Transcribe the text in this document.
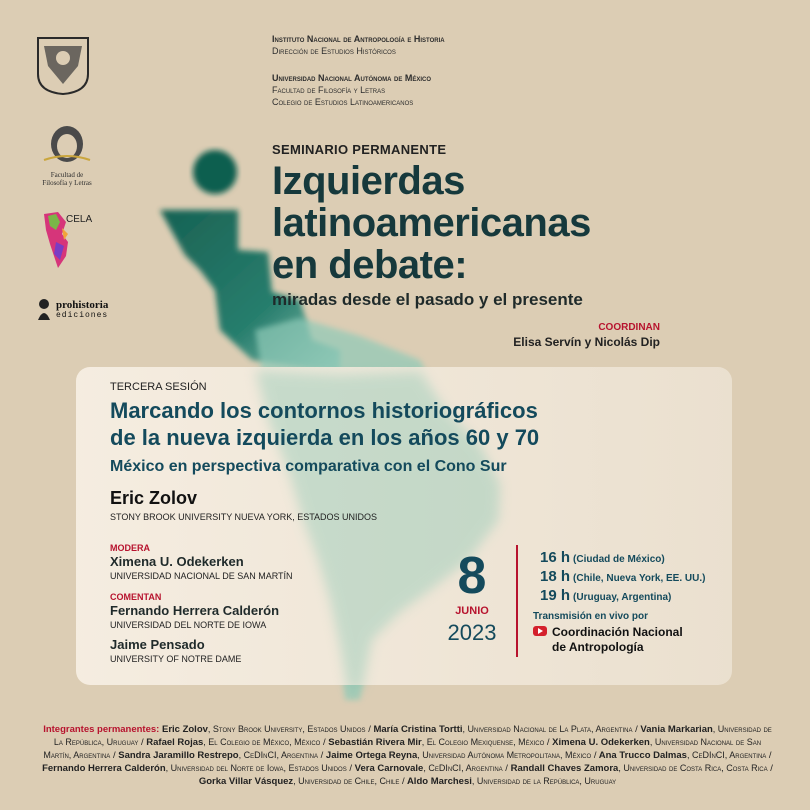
Facultad de Filosofía y Letras
CELA
prohistoria
ediciones
Instituto Nacional de Antropología e Historia
Dirección de Estudios Históricos
Universidad Nacional Autónoma de México
Facultad de Filosofía y Letras
Colegio de Estudios Latinoamericanos
SEMINARIO PERMANENTE
Izquierdas
latinoamericanas
en debate:
miradas desde el pasado y el presente
COORDINAN
Elisa Servín y Nicolás Dip
TERCERA SESIÓN
Marcando los contornos historiográficos
de la nueva izquierda en los años 60 y 70
México en perspectiva comparativa con el Cono Sur
Eric Zolov
STONY BROOK UNIVERSITY NUEVA YORK, ESTADOS UNIDOS
MODERA
Ximena U. Odekerken
UNIVERSIDAD NACIONAL DE SAN MARTÍN
COMENTAN
Fernando Herrera Calderón
UNIVERSIDAD DEL NORTE DE IOWA
Jaime Pensado
UNIVERSITY OF NOTRE DAME
8
JUNIO
2023
16 h (Ciudad de México)
18 h (Chile, Nueva York, EE. UU.)
19 h (Uruguay, Argentina)
Transmisión en vivo por
Coordinación Nacional
de Antropología
Integrantes permanentes: Eric Zolov, Stony Brook University, Estados Unidos / María Cristina Tortti, Universidad Nacional de La Plata, Argentina / Vania Markarian, Universidad de La República, Uruguay / Rafael Rojas, El Colegio de México, México / Sebastián Rivera Mir, El Colegio Mexiquense, México / Ximena U. Odekerken, Universidad Nacional de San Martín, Argentina / Sandra Jaramillo Restrepo, CeDInCI, Argentina / Jaime Ortega Reyna, Universidad Autónoma Metropolitana, México / Ana Trucco Dalmas, CeDInCI, Argentina / Fernando Herrera Calderón, Universidad del Norte de Iowa, Estados Unidos / Vera Carnovale, CeDInCI, Argentina / Randall Chaves Zamora, Universidad de Costa Rica, Costa Rica / Gorka Villar Vásquez, Universidad de Chile, Chile / Aldo Marchesi, Universidad de la República, Uruguay
